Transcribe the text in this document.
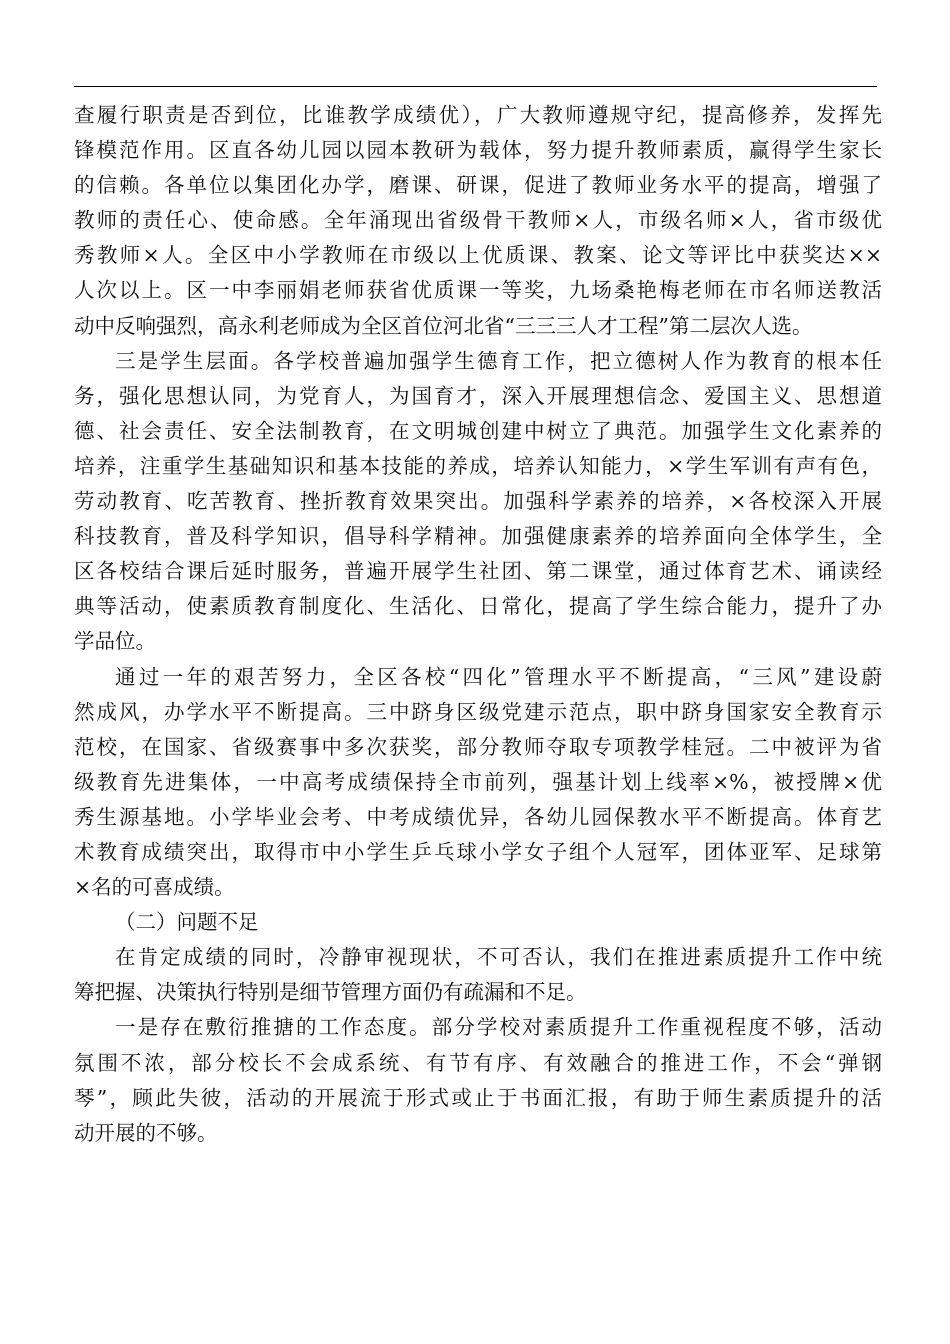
查履行职责是否到位，比谁教学成绩优），广大教师遵规守纪，提高修养，发挥先
锋模范作用。区直各幼儿园以园本教研为载体，努力提升教师素质，赢得学生家长
的信赖。各单位以集团化办学，磨课、研课，促进了教师业务水平的提高，增强了
教师的责任心、使命感。全年涌现出省级骨干教师×人，市级名师×人，省市级优
秀教师×人。全区中小学教师在市级以上优质课、教案、论文等评比中获奖达××
人次以上。区一中李丽娟老师获省优质课一等奖，九场桑艳梅老师在市名师送教活
动中反响强烈，高永利老师成为全区首位河北省“三三三人才工程”第二层次人选。
三是学生层面。各学校普遍加强学生德育工作，把立德树人作为教育的根本任
务，强化思想认同，为党育人，为国育才，深入开展理想信念、爱国主义、思想道
德、社会责任、安全法制教育，在文明城创建中树立了典范。加强学生文化素养的
培养，注重学生基础知识和基本技能的养成，培养认知能力，×学生军训有声有色，
劳动教育、吃苦教育、挫折教育效果突出。加强科学素养的培养，×各校深入开展
科技教育，普及科学知识，倡导科学精神。加强健康素养的培养面向全体学生，全
区各校结合课后延时服务，普遍开展学生社团、第二课堂，通过体育艺术、诵读经
典等活动，使素质教育制度化、生活化、日常化，提高了学生综合能力，提升了办
学品位。
通过一年的艰苦努力，全区各校“四化”管理水平不断提高，“三风”建设蔚
然成风，办学水平不断提高。三中跻身区级党建示范点，职中跻身国家安全教育示
范校，在国家、省级赛事中多次获奖，部分教师夺取专项教学桂冠。二中被评为省
级教育先进集体，一中高考成绩保持全市前列，强基计划上线率×%，被授牌×优
秀生源基地。小学毕业会考、中考成绩优异，各幼儿园保教水平不断提高。体育艺
术教育成绩突出，取得市中小学生乒乓球小学女子组个人冠军，团体亚军、足球第
×名的可喜成绩。
（二）问题不足
在肯定成绩的同时，冷静审视现状，不可否认，我们在推进素质提升工作中统
筹把握、决策执行特别是细节管理方面仍有疏漏和不足。
一是存在敷衍推搪的工作态度。部分学校对素质提升工作重视程度不够，活动
氛围不浓，部分校长不会成系统、有节有序、有效融合的推进工作，不会“弹钢
琴”，顾此失彼，活动的开展流于形式或止于书面汇报，有助于师生素质提升的活
动开展的不够。
